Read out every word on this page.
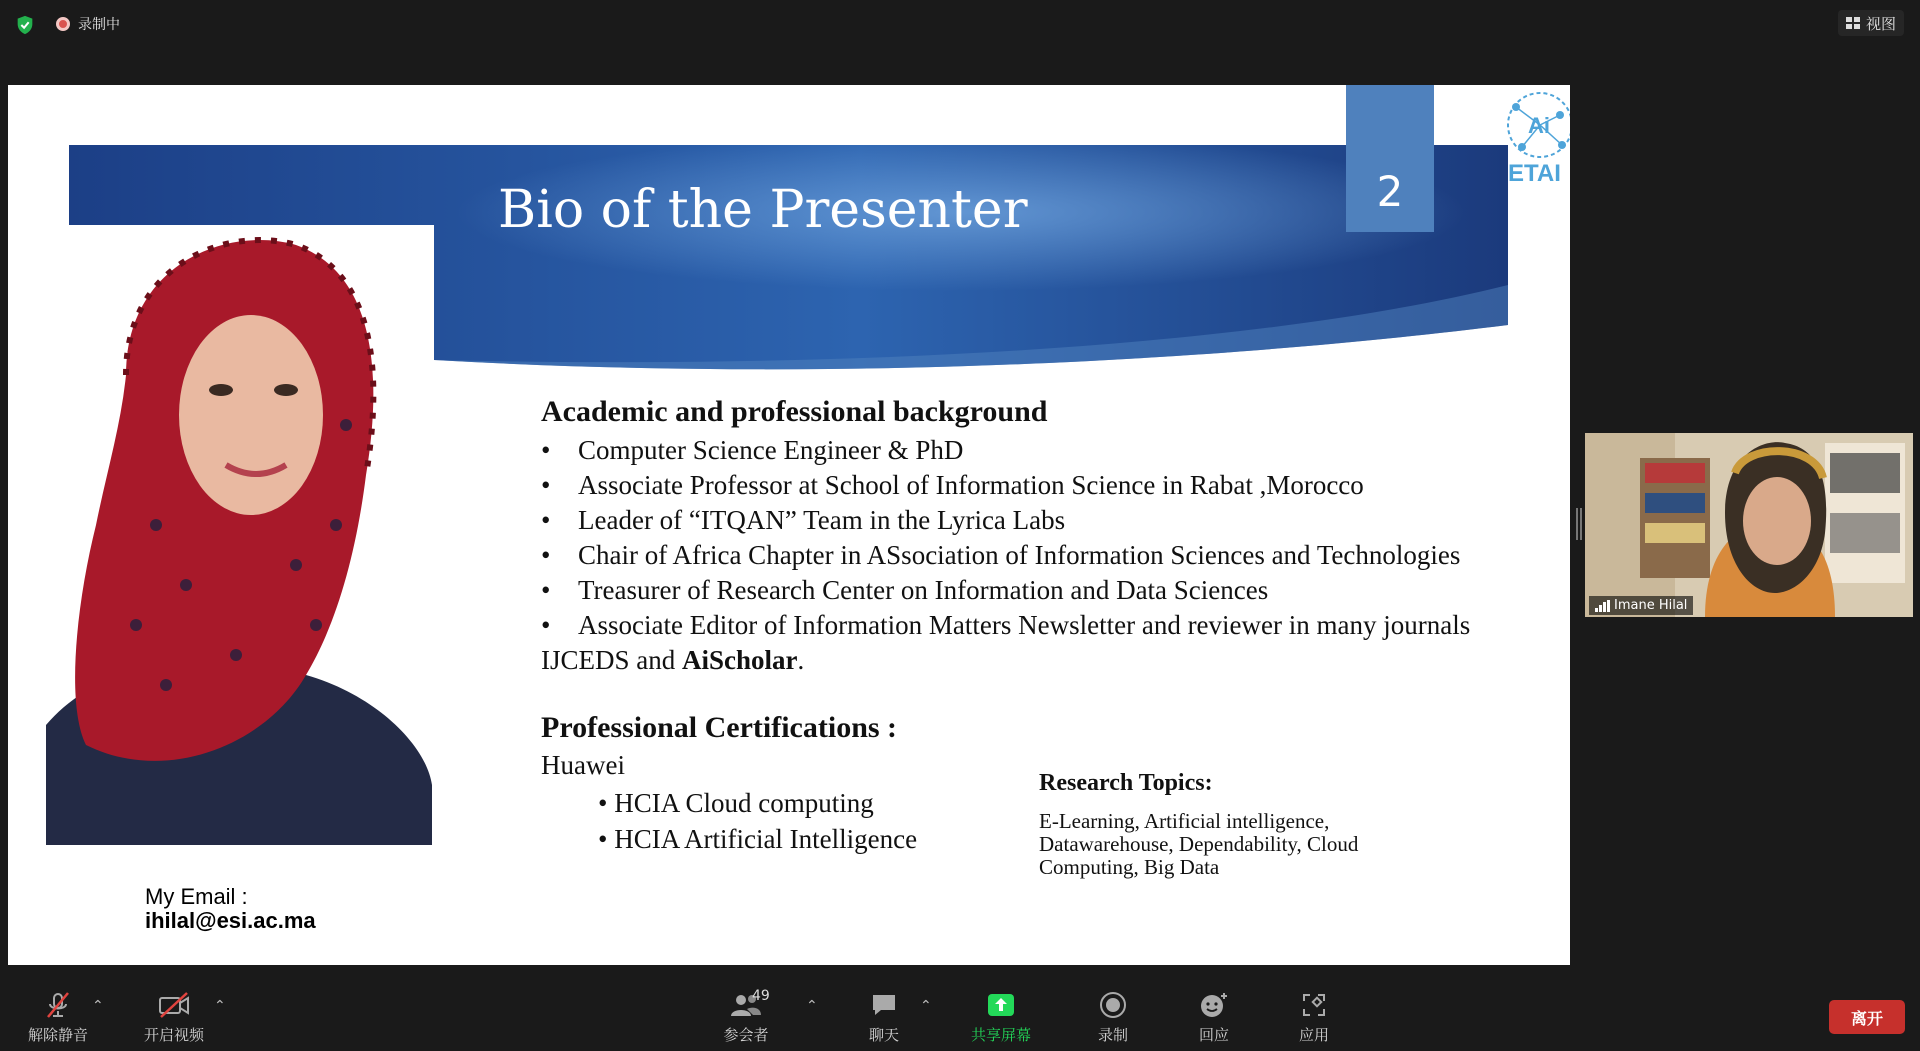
录制中	视图
Bio of the Presenter	2
Ai
ETAI
Academic and professional background
•	Computer Science Engineer & PhD
•	Associate Professor at School of Information Science in Rabat ,Morocco
•	Leader of “ITQAN” Team in the Lyrica Labs
•	Chair of Africa Chapter in ASsociation of Information Sciences and Technologies
•	Treasurer of Research Center on Information and Data Sciences
•	Associate Editor of Information Matters Newsletter and reviewer in many journals
IJCEDS and AiScholar.
Professional Certifications :
Huawei
• HCIA Cloud computing
• HCIA Artificial Intelligence
Research Topics:
E-Learning, Artificial intelligence, Datawarehouse, Dependability, Cloud Computing, Big Data
My Email :
ihilal@esi.ac.ma
Imane Hilal
解除静音
⌃
开启视频
⌃
49
参会者
⌃
聊天
⌃
共享屏幕	录制	回应	应用
离开
